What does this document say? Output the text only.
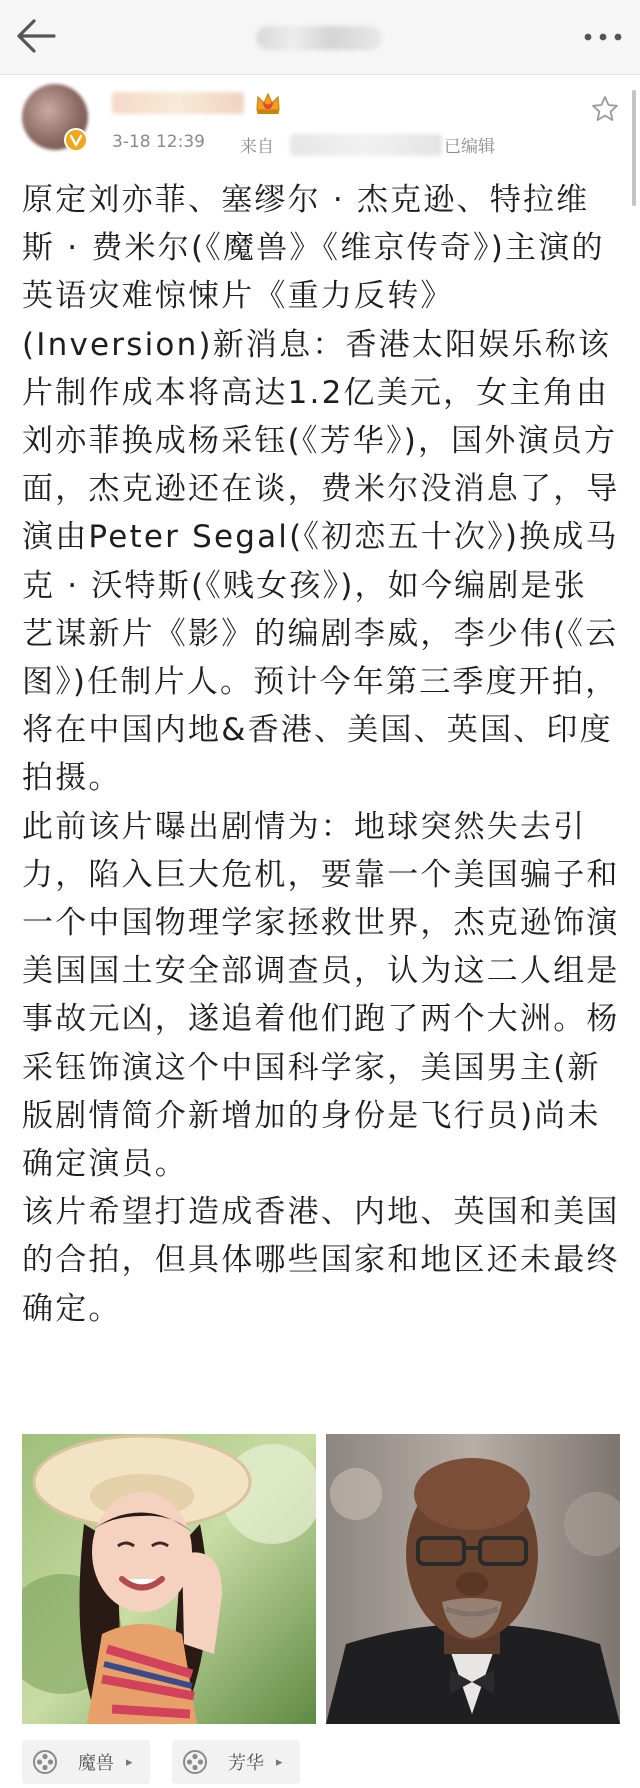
3-18 12:39 来自	已编辑

原定刘亦菲、塞缪尔 · 杰克逊、特拉维斯 · 费米尔(《魔兽》《维京传奇》)主演的英语灾难惊悚片《重力反转》(Inversion)新消息：香港太阳娱乐称该片制作成本将高达1.2亿美元，女主角由刘亦菲换成杨采钰(《芳华》)，国外演员方面，杰克逊还在谈，费米尔没消息了，导演由Peter Segal(《初恋五十次》)换成马克 · 沃特斯(《贱女孩》)，如今编剧是张艺谋新片《影》的编剧李威，李少伟(《云图》)任制片人。预计今年第三季度开拍，将在中国内地&香港、美国、英国、印度拍摄。

此前该片曝出剧情为：地球突然失去引力，陷入巨大危机，要靠一个美国骗子和一个中国物理学家拯救世界，杰克逊饰演美国国土安全部调查员，认为这二人组是事故元凶，遂追着他们跑了两个大洲。杨采钰饰演这个中国科学家，美国男主(新版剧情简介新增加的身份是飞行员)尚未确定演员。

该片希望打造成香港、内地、英国和美国的合拍，但具体哪些国家和地区还未最终确定。

魔兽 ▸	芳华 ▸
